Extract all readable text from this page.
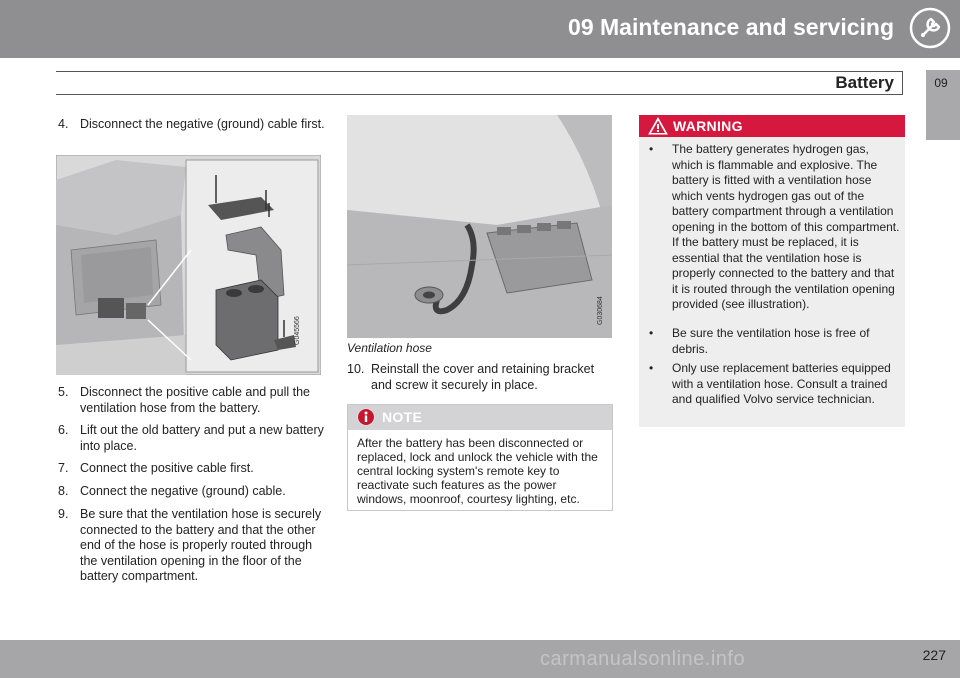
09 Maintenance and servicing
09
Battery
4. Disconnect the negative (ground) cable first.
G045566
5. Disconnect the positive cable and pull the ventilation hose from the battery.
6. Lift out the old battery and put a new battery into place.
7. Connect the positive cable first.
8. Connect the negative (ground) cable.
9. Be sure that the ventilation hose is securely connected to the battery and that the other end of the hose is properly routed through the ventilation opening in the floor of the battery compartment.
G030684
Ventilation hose
10. Reinstall the cover and retaining bracket and screw it securely in place.
NOTE
After the battery has been disconnected or replaced, lock and unlock the vehicle with the central locking system's remote key to reactivate such features as the power windows, moonroof, courtesy lighting, etc.
WARNING
•	The battery generates hydrogen gas, which is flammable and explosive. The battery is fitted with a ventilation hose which vents hydrogen gas out of the battery compartment through a ventilation opening in the bottom of this compartment. If the battery must be replaced, it is essential that the ventilation hose is properly connected to the battery and that it is routed through the ventilation opening provided (see illustration).
•	Be sure the ventilation hose is free of debris.
•	Only use replacement batteries equipped with a ventilation hose. Consult a trained and qualified Volvo service technician.
227
carmanualsonline.info
